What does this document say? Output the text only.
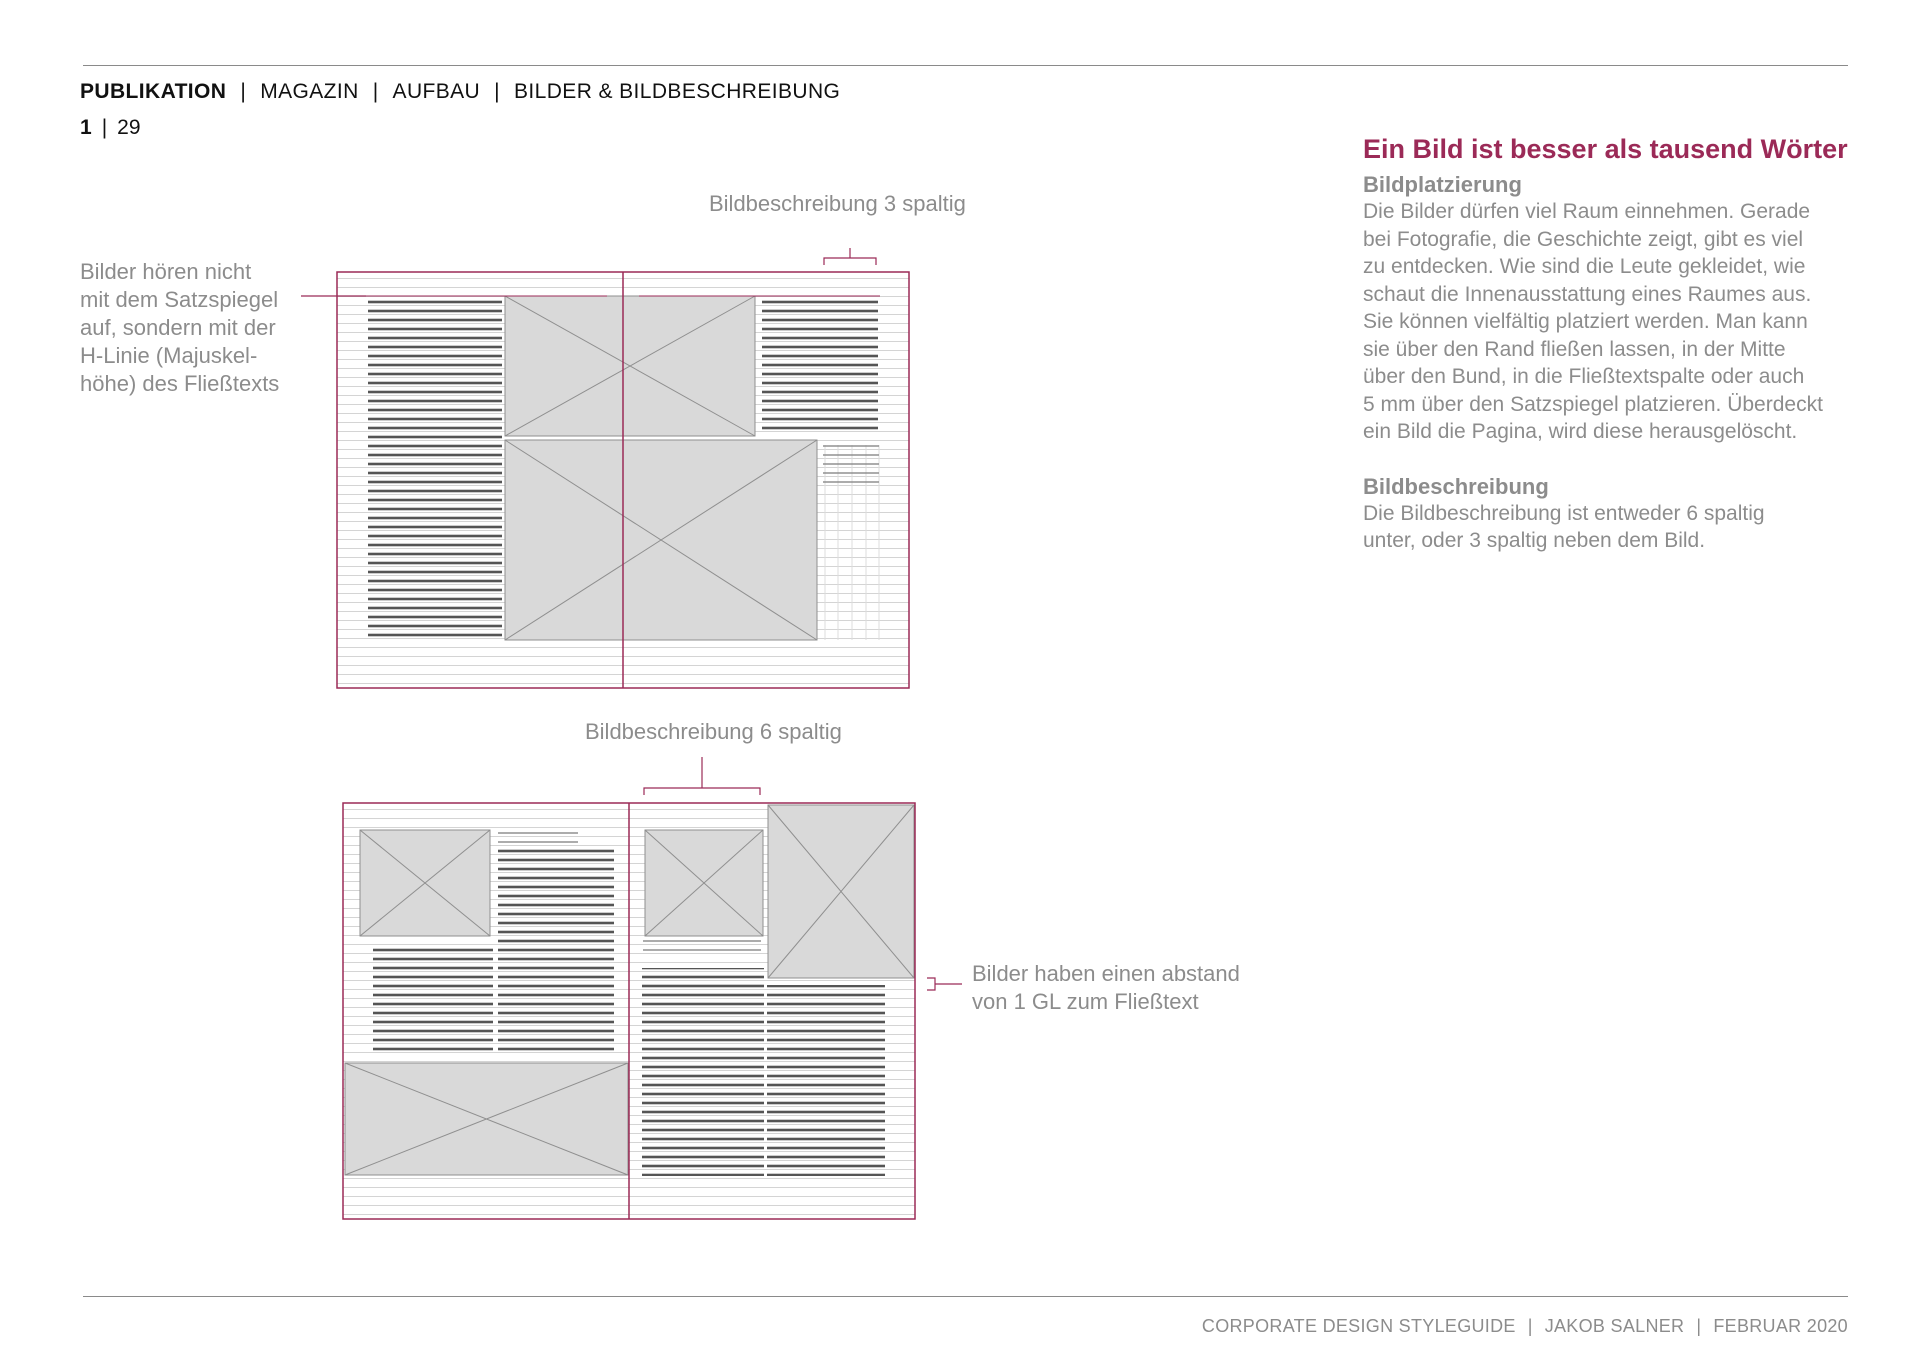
PUBLIKATION | MAGAZIN | AUFBAU | BILDER & BILDBESCHREIBUNG
1 | 29
Bildbeschreibung 3 spaltig
Bildbeschreibung 6 spaltig
Bilder hören nicht
mit dem Satzspiegel
auf, sondern mit der
H-Linie (Majuskel-
höhe) des Fließtexts
Bilder haben einen abstand
von 1 GL zum Fließtext
Ein Bild ist besser als tausend Wörter
Bildplatzierung

Die Bilder dürfen viel Raum einnehmen. Gerade

bei Fotografie, die Geschichte zeigt, gibt es viel

zu entdecken. Wie sind die Leute gekleidet, wie

schaut die Innenausstattung eines Raumes aus.

Sie können vielfältig platziert werden. Man kann

sie über den Rand fließen lassen, in der Mitte

über den Bund, in die Fließtextspalte oder auch

5 mm über den Satzspiegel platzieren. Überdeckt

ein Bild die Pagina, wird diese herausgelöscht.

Bildbeschreibung

Die Bildbeschreibung ist entweder 6 spaltig

unter, oder 3 spaltig neben dem Bild.

CORPORATE DESIGN STYLEGUIDE | JAKOB SALNER | FEBRUAR 2020
